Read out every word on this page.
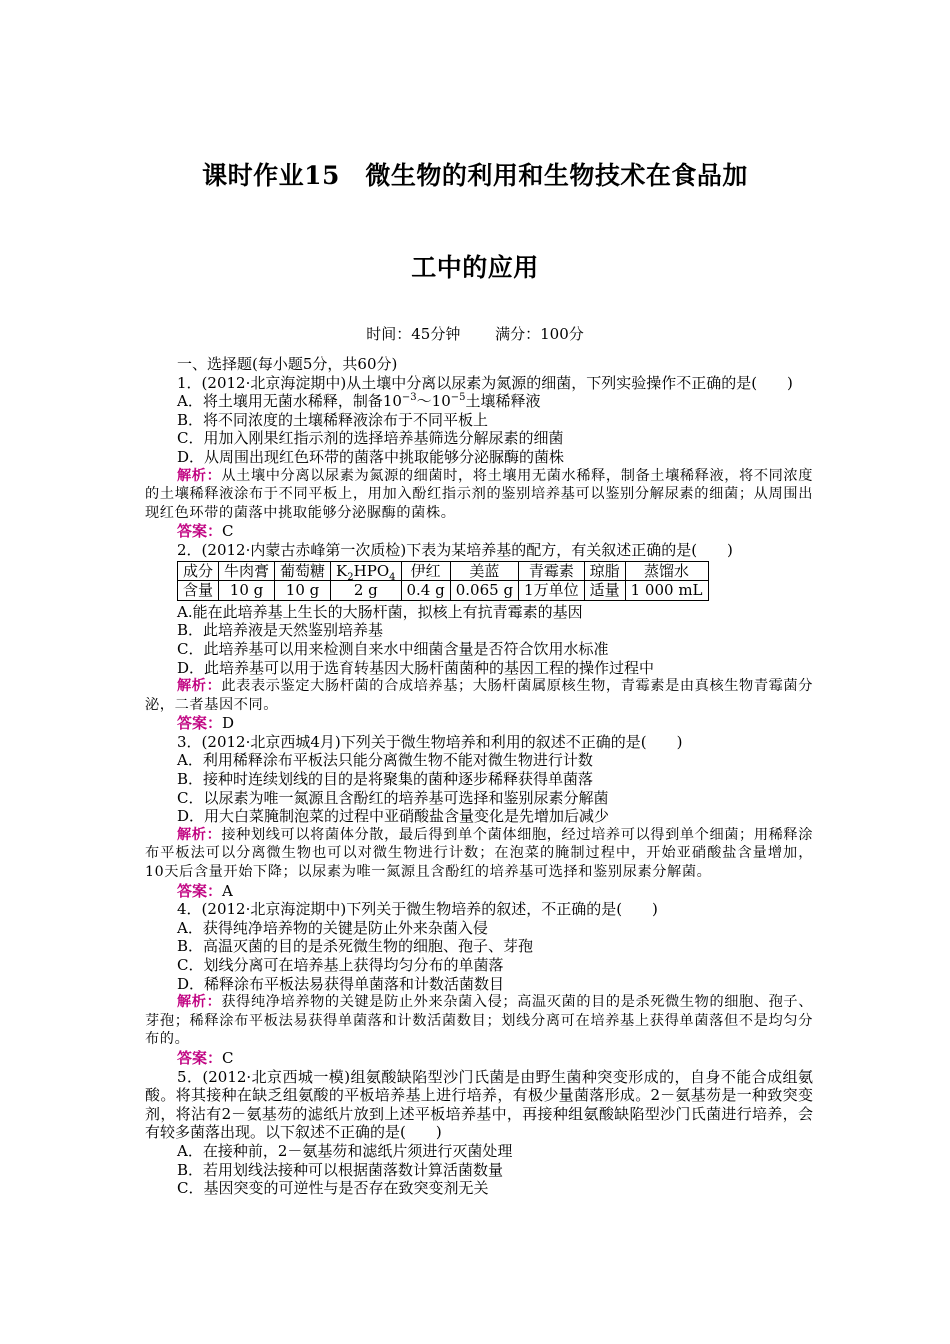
课时作业15　微生物的利用和生物技术在食品加
工中的应用
时间：45分钟 满分：100分

一、选择题(每小题5分，共60分)

1．(2012·北京海淀期中)从土壤中分离以尿素为氮源的细菌，下列实验操作不正确的是(　　)

A．将土壤用无菌水稀释，制备$10^{-3}\sim 10^{-5}$土壤稀释液

B．将不同浓度的土壤稀释液涂布于不同平板上

C．用加入刚果红指示剂的选择培养基筛选分解尿素的细菌

D．从周围出现红色环带的菌落中挑取能够分泌脲酶的菌株

解析：从土壤中分离以尿素为氮源的细菌时，将土壤用无菌水稀释，制备土壤稀释液，将不同浓度的土壤稀释液涂布于不同平板上，用加入酚红指示剂的鉴别培养基可以鉴别分解尿素的细菌；从周围出现红色环带的菌落中挑取能够分泌脲酶的菌株。

答案：C

2．(2012·内蒙古赤峰第一次质检)下表为某培养基的配方，有关叙述正确的是(　　)

成分	牛肉膏	葡萄糖	$K_2HPO_4$	伊红	美蓝	青霉素	琼脂	蒸馏水
含量	10 g	10 g	2 g	0.4 g	0.065 g	1万单位	适量	1 000 mL

A.能在此培养基上生长的大肠杆菌，拟核上有抗青霉素的基因

B．此培养液是天然鉴别培养基

C．此培养基可以用来检测自来水中细菌含量是否符合饮用水标准

D．此培养基可以用于选育转基因大肠杆菌菌种的基因工程的操作过程中

解析：此表表示鉴定大肠杆菌的合成培养基；大肠杆菌属原核生物，青霉素是由真核生物青霉菌分泌，二者基因不同。

答案：D

3．(2012·北京西城4月)下列关于微生物培养和利用的叙述不正确的是(　　)

A．利用稀释涂布平板法只能分离微生物不能对微生物进行计数

B．接种时连续划线的目的是将聚集的菌种逐步稀释获得单菌落

C．以尿素为唯一氮源且含酚红的培养基可选择和鉴别尿素分解菌

D．用大白菜腌制泡菜的过程中亚硝酸盐含量变化是先增加后减少

解析：接种划线可以将菌体分散，最后得到单个菌体细胞，经过培养可以得到单个细菌；用稀释涂布平板法可以分离微生物也可以对微生物进行计数；在泡菜的腌制过程中，开始亚硝酸盐含量增加，10天后含量开始下降；以尿素为唯一氮源且含酚红的培养基可选择和鉴别尿素分解菌。

答案：A

4．(2012·北京海淀期中)下列关于微生物培养的叙述，不正确的是(　　)

A．获得纯净培养物的关键是防止外来杂菌入侵

B．高温灭菌的目的是杀死微生物的细胞、孢子、芽孢

C．划线分离可在培养基上获得均匀分布的单菌落

D．稀释涂布平板法易获得单菌落和计数活菌数目

解析：获得纯净培养物的关键是防止外来杂菌入侵；高温灭菌的目的是杀死微生物的细胞、孢子、芽孢；稀释涂布平板法易获得单菌落和计数活菌数目；划线分离可在培养基上获得单菌落但不是均匀分布的。

答案：C

5．(2012·北京西城一模)组氨酸缺陷型沙门氏菌是由野生菌种突变形成的，自身不能合成组氨酸。将其接种在缺乏组氨酸的平板培养基上进行培养，有极少量菌落形成。2－氨基芴是一种致突变剂，将沾有2－氨基芴的滤纸片放到上述平板培养基中，再接种组氨酸缺陷型沙门氏菌进行培养，会有较多菌落出现。以下叙述不正确的是(　　)

A．在接种前，2－氨基芴和滤纸片须进行灭菌处理

B．若用划线法接种可以根据菌落数计算活菌数量

C．基因突变的可逆性与是否存在致突变剂无关
